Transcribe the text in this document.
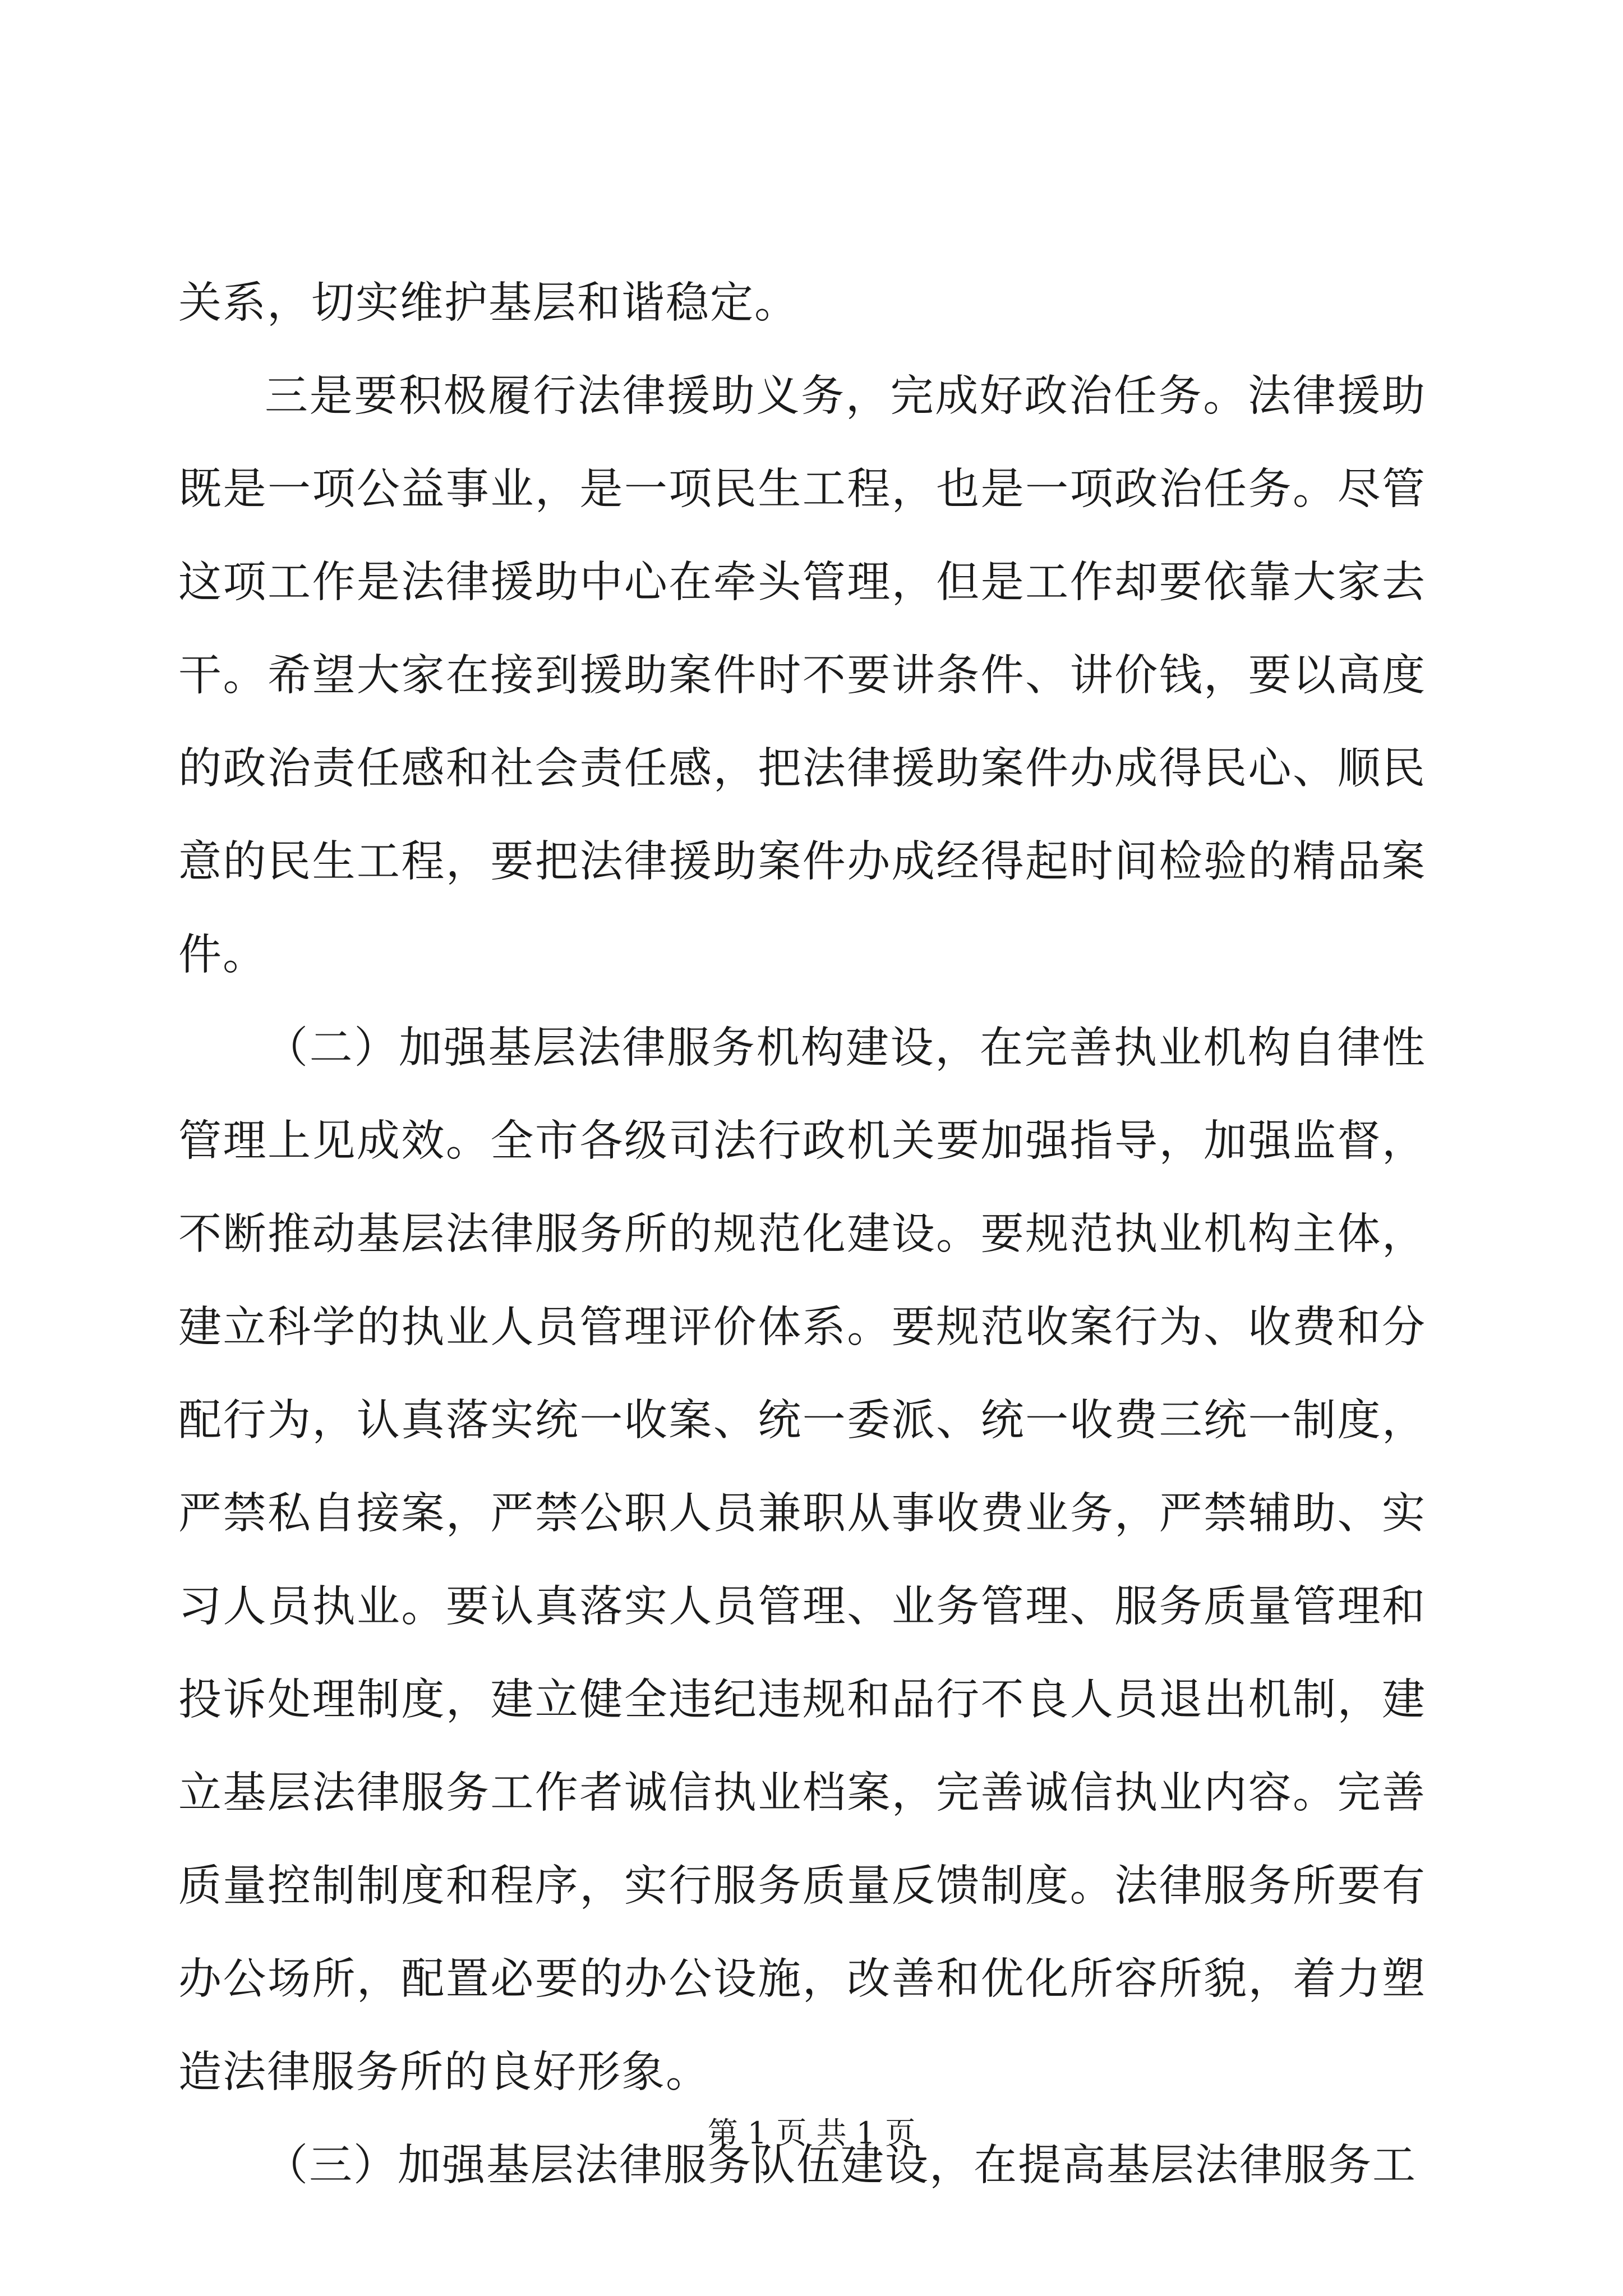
关系，切实维护基层和谐稳定。

三是要积极履行法律援助义务，完成好政治任务。法律援助既是一项公益事业，是一项民生工程，也是一项政治任务。尽管这项工作是法律援助中心在牵头管理，但是工作却要依靠大家去干。希望大家在接到援助案件时不要讲条件、讲价钱，要以高度的政治责任感和社会责任感，把法律援助案件办成得民心、顺民意的民生工程，要把法律援助案件办成经得起时间检验的精品案件。

（二）加强基层法律服务机构建设，在完善执业机构自律性管理上见成效。全市各级司法行政机关要加强指导，加强监督，不断推动基层法律服务所的规范化建设。要规范执业机构主体，建立科学的执业人员管理评价体系。要规范收案行为、收费和分配行为，认真落实统一收案、统一委派、统一收费三统一制度，严禁私自接案，严禁公职人员兼职从事收费业务，严禁辅助、实习人员执业。要认真落实人员管理、业务管理、服务质量管理和投诉处理制度，建立健全违纪违规和品行不良人员退出机制，建立基层法律服务工作者诚信执业档案，完善诚信执业内容。完善质量控制制度和程序，实行服务质量反馈制度。法律服务所要有办公场所，配置必要的办公设施，改善和优化所容所貌，着力塑造法律服务所的良好形象。

（三）加强基层法律服务队伍建设，在提高基层法律服务工

第 1 页 共 1 页
